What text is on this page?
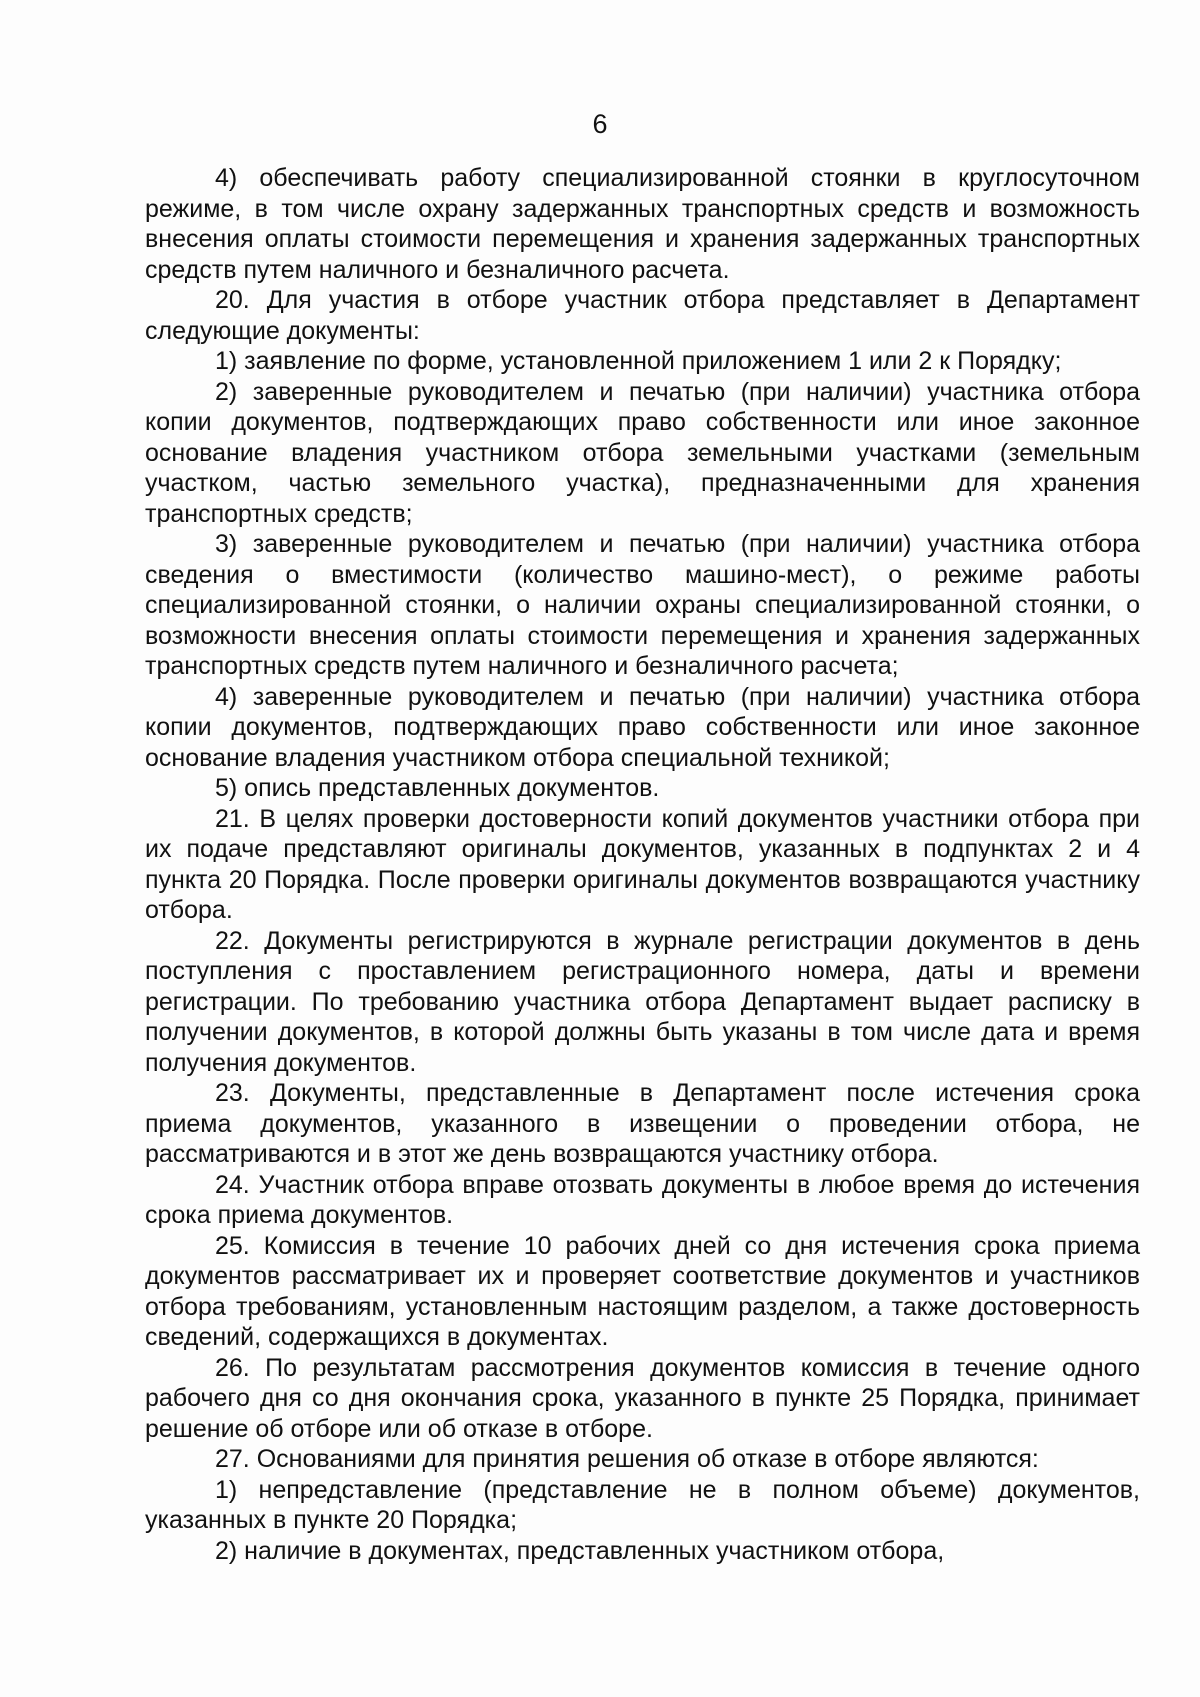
6

4) обеспечивать работу специализированной стоянки в круглосуточном режиме, в том числе охрану задержанных транспортных средств и возможность внесения оплаты стоимости перемещения и хранения задержанных транспортных средств путем наличного и безналичного расчета.

20. Для участия в отборе участник отбора представляет в Департамент следующие документы:

1) заявление по форме, установленной приложением 1 или 2 к Порядку;

2) заверенные руководителем и печатью (при наличии) участника отбора копии документов, подтверждающих право собственности или иное законное основание владения участником отбора земельными участками (земельным участком, частью земельного участка), предназначенными для хранения транспортных средств;

3) заверенные руководителем и печатью (при наличии) участника отбора сведения о вместимости (количество машино-мест), о режиме работы специализированной стоянки, о наличии охраны специализированной стоянки, о возможности внесения оплаты стоимости перемещения и хранения задержанных транспортных средств путем наличного и безналичного расчета;

4) заверенные руководителем и печатью (при наличии) участника отбора копии документов, подтверждающих право собственности или иное законное основание владения участником отбора специальной техникой;

5) опись представленных документов.

21. В целях проверки достоверности копий документов участники отбора при их подаче представляют оригиналы документов, указанных в подпунктах 2 и 4 пункта 20 Порядка. После проверки оригиналы документов возвращаются участнику отбора.

22. Документы регистрируются в журнале регистрации документов в день поступления с проставлением регистрационного номера, даты и времени регистрации. По требованию участника отбора Департамент выдает расписку в получении документов, в которой должны быть указаны в том числе дата и время получения документов.

23. Документы, представленные в Департамент после истечения срока приема документов, указанного в извещении о проведении отбора, не рассматриваются и в этот же день возвращаются участнику отбора.

24. Участник отбора вправе отозвать документы в любое время до истечения срока приема документов.

25. Комиссия в течение 10 рабочих дней со дня истечения срока приема документов рассматривает их и проверяет соответствие документов и участников отбора требованиям, установленным настоящим разделом, а также достоверность сведений, содержащихся в документах.

26. По результатам рассмотрения документов комиссия в течение одного рабочего дня со дня окончания срока, указанного в пункте 25 Порядка, принимает решение об отборе или об отказе в отборе.

27. Основаниями для принятия решения об отказе в отборе являются:

1) непредставление (представление не в полном объеме) документов, указанных в пункте 20 Порядка;

2) наличие в документах, представленных участником отбора,
